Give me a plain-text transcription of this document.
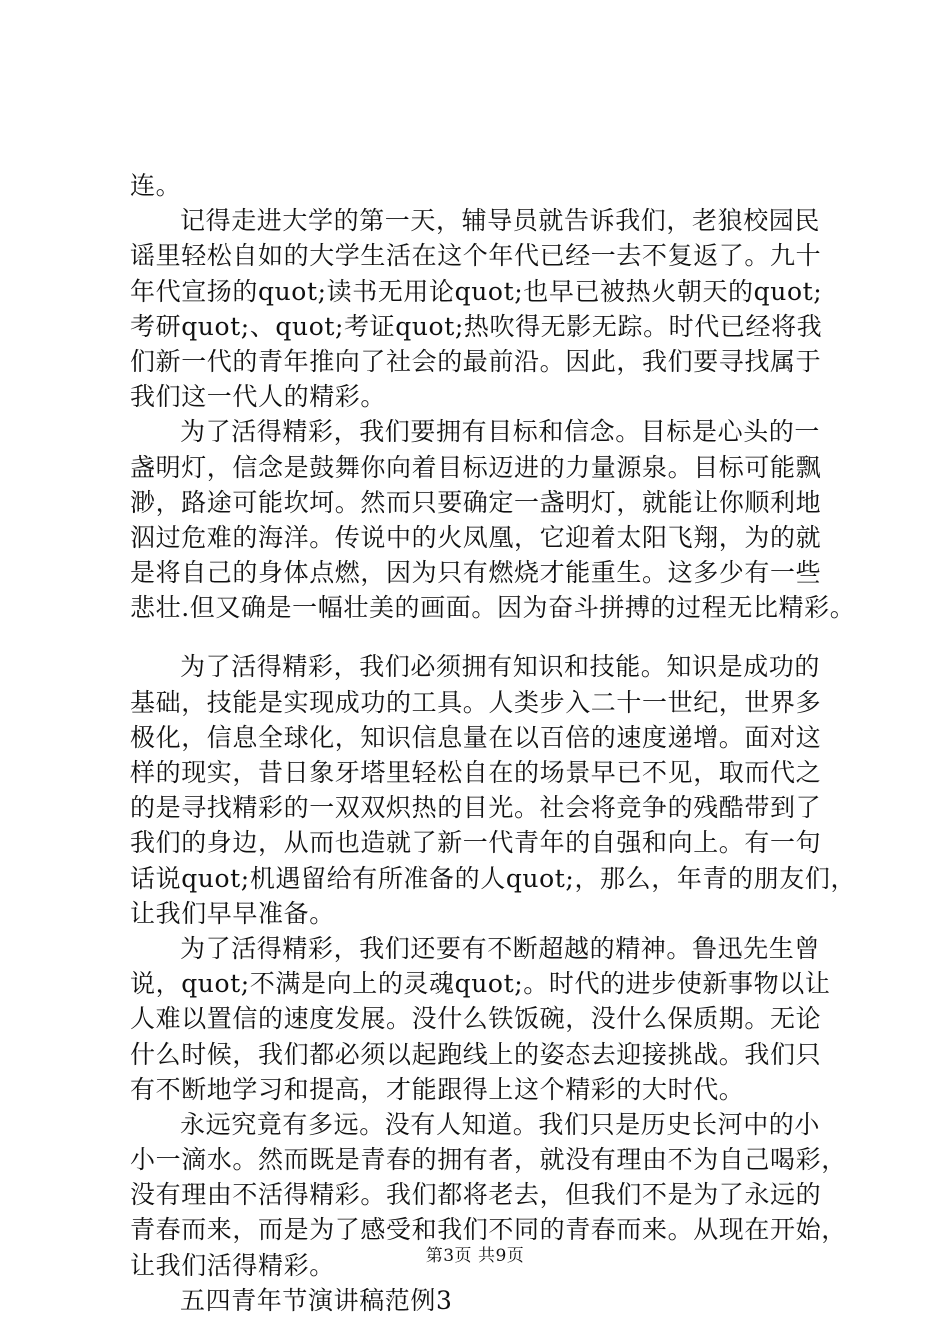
连。
记得走进大学的第一天，辅导员就告诉我们，老狼校园民
谣里轻松自如的大学生活在这个年代已经一去不复返了。九十
年代宣扬的quot;读书无用论quot;也早已被热火朝天的quot;
考研quot;、quot;考证quot;热吹得无影无踪。时代已经将我
们新一代的青年推向了社会的最前沿。因此，我们要寻找属于
我们这一代人的精彩。
为了活得精彩，我们要拥有目标和信念。目标是心头的一
盏明灯，信念是鼓舞你向着目标迈进的力量源泉。目标可能飘
渺，路途可能坎坷。然而只要确定一盏明灯，就能让你顺利地
泅过危难的海洋。传说中的火凤凰，它迎着太阳飞翔，为的就
是将自己的身体点燃，因为只有燃烧才能重生。这多少有一些
悲壮.但又确是一幅壮美的画面。因为奋斗拼搏的过程无比精彩。
为了活得精彩，我们必须拥有知识和技能。知识是成功的
基础，技能是实现成功的工具。人类步入二十一世纪，世界多
极化，信息全球化，知识信息量在以百倍的速度递增。面对这
样的现实，昔日象牙塔里轻松自在的场景早已不见，取而代之
的是寻找精彩的一双双炽热的目光。社会将竞争的残酷带到了
我们的身边，从而也造就了新一代青年的自强和向上。有一句
话说quot;机遇留给有所准备的人quot;，那么，年青的朋友们，
让我们早早准备。
为了活得精彩，我们还要有不断超越的精神。鲁迅先生曾
说，quot;不满是向上的灵魂quot;。时代的进步使新事物以让
人难以置信的速度发展。没什么铁饭碗，没什么保质期。无论
什么时候，我们都必须以起跑线上的姿态去迎接挑战。我们只
有不断地学习和提高，才能跟得上这个精彩的大时代。
永远究竟有多远。没有人知道。我们只是历史长河中的小
小一滴水。然而既是青春的拥有者，就没有理由不为自己喝彩，
没有理由不活得精彩。我们都将老去，但我们不是为了永远的
青春而来，而是为了感受和我们不同的青春而来。从现在开始，
让我们活得精彩。
五四青年节演讲稿范例3
第3页 共9页
